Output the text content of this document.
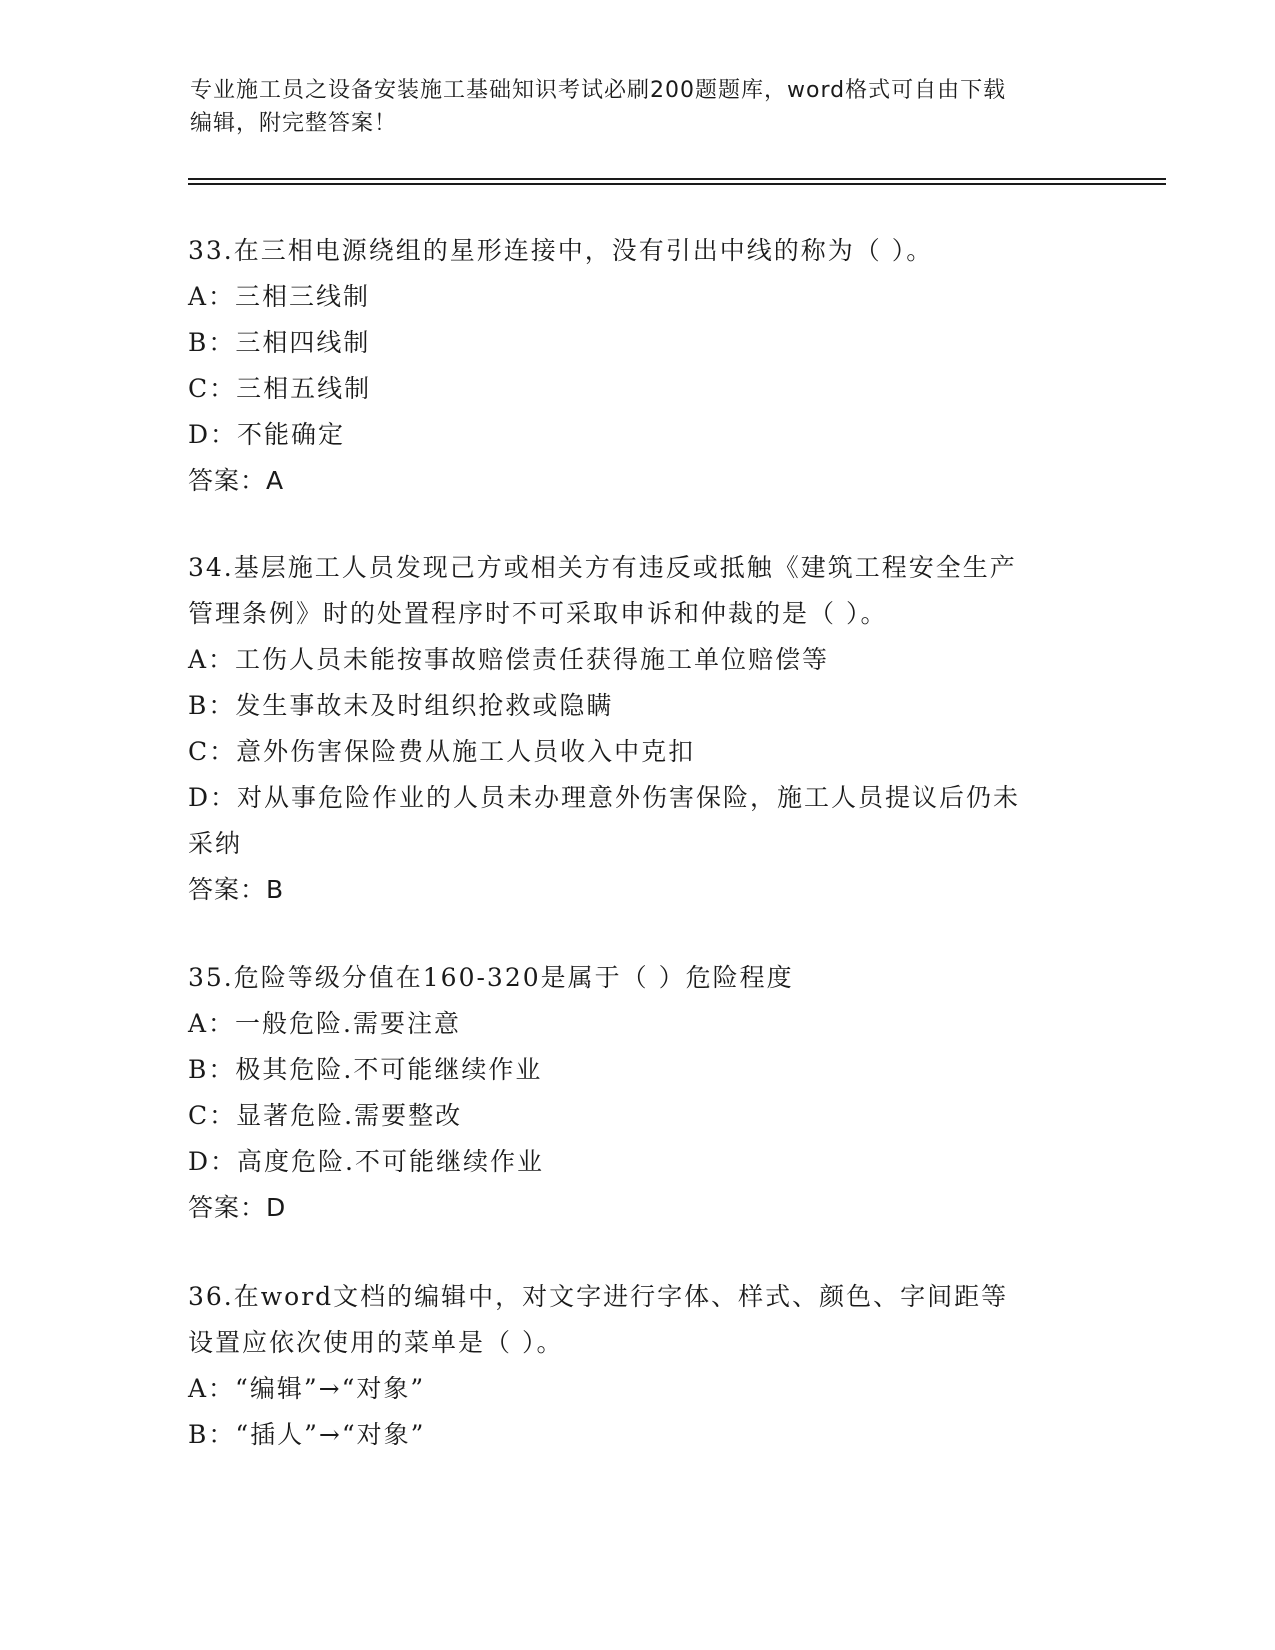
专业施工员之设备安装施工基础知识考试必刷200题题库，word格式可自由下载
编辑，附完整答案！
33.在三相电源绕组的星形连接中，没有引出中线的称为（ ）。
A：三相三线制
B：三相四线制
C：三相五线制
D：不能确定
答案：A
34.基层施工人员发现己方或相关方有违反或抵触《建筑工程安全生产
管理条例》时的处置程序时不可采取申诉和仲裁的是（ ）。
A：工伤人员未能按事故赔偿责任获得施工单位赔偿等
B：发生事故未及时组织抢救或隐瞒
C：意外伤害保险费从施工人员收入中克扣
D：对从事危险作业的人员未办理意外伤害保险，施工人员提议后仍未
采纳
答案：B
35.危险等级分值在160-320是属于（ ）危险程度
A：一般危险.需要注意
B：极其危险.不可能继续作业
C：显著危险.需要整改
D：高度危险.不可能继续作业
答案：D
36.在word文档的编辑中，对文字进行字体、样式、颜色、字间距等
设置应依次使用的菜单是（ ）。
A：“编辑”→“对象”
B：“插人”→“对象”
